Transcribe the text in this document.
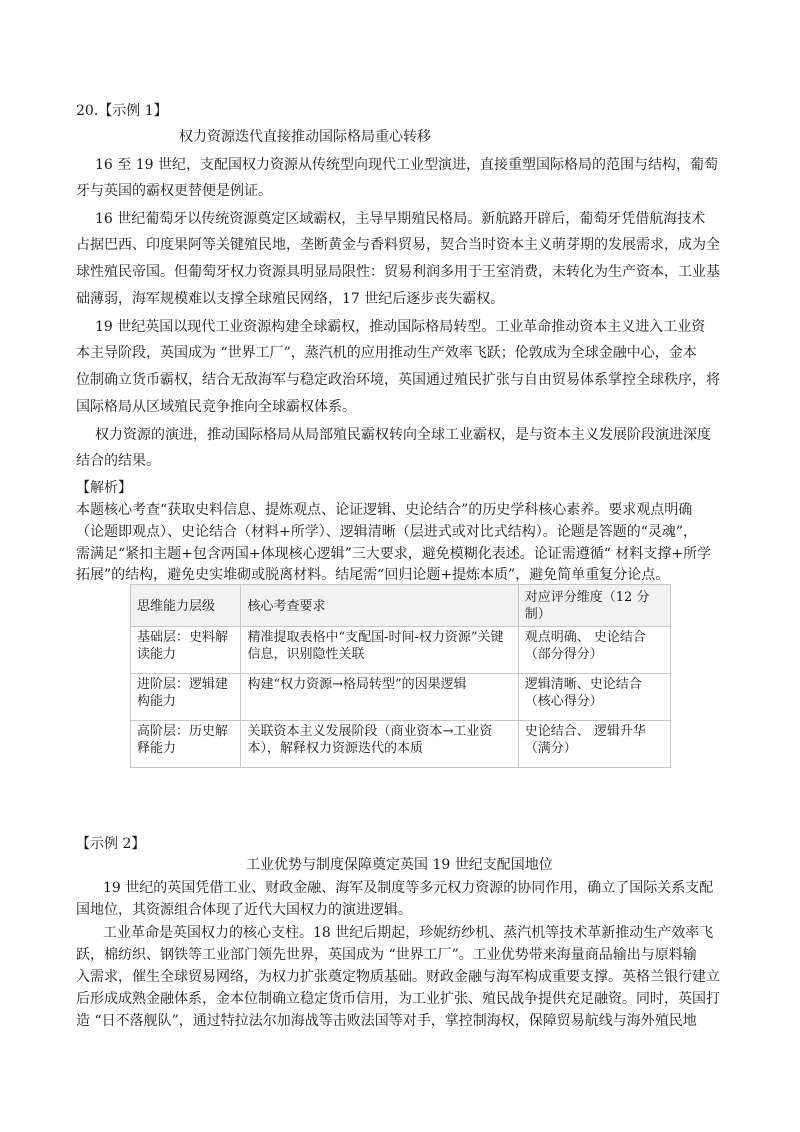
20.【示例 1】
权力资源迭代直接推动国际格局重心转移
16 至 19 世纪，支配国权力资源从传统型向现代工业型演进，直接重塑国际格局的范围与结构，葡萄
牙与英国的霸权更替便是例证。
16 世纪葡萄牙以传统资源奠定区域霸权，主导早期殖民格局。新航路开辟后，葡萄牙凭借航海技术
占据巴西、印度果阿等关键殖民地，垄断黄金与香料贸易，契合当时资本主义萌芽期的发展需求，成为全
球性殖民帝国。但葡萄牙权力资源具明显局限性：贸易利润多用于王室消费，未转化为生产资本，工业基
础薄弱，海军规模难以支撑全球殖民网络，17 世纪后逐步丧失霸权。
19 世纪英国以现代工业资源构建全球霸权，推动国际格局转型。工业革命推动资本主义进入工业资
本主导阶段，英国成为 “世界工厂”，蒸汽机的应用推动生产效率飞跃；伦敦成为全球金融中心，金本
位制确立货币霸权，结合无敌海军与稳定政治环境，英国通过殖民扩张与自由贸易体系掌控全球秩序，将
国际格局从区域殖民竞争推向全球霸权体系。
权力资源的演进，推动国际格局从局部殖民霸权转向全球工业霸权，是与资本主义发展阶段演进深度
结合的结果。
【解析】
本题核心考查“获取史料信息、提炼观点、论证逻辑、史论结合”的历史学科核心素养。要求观点明确
（论题即观点）、史论结合（材料+所学）、逻辑清晰（层进式或对比式结构）。论题是答题的“灵魂”，
需满足“紧扣主题+包含两国+体现核心逻辑”三大要求，避免模糊化表述。论证需遵循“ 材料支撑+所学
拓展”的结构，避免史实堆砌或脱离材料。结尾需“回归论题+提炼本质”，避免简单重复分论点。
思维能力层级	核心考查要求	对应评分维度（12 分制）
基础层：史料解读能力	精准提取表格中“支配国-时间-权力资源”关键信息，识别隐性关联	观点明确、 史论结合（部分得分）
进阶层：逻辑建构能力	构建“权力资源→格局转型”的因果逻辑	逻辑清晰、史论结合（核心得分）
高阶层：历史解释能力	关联资本主义发展阶段（商业资本→工业资本），解释权力资源迭代的本质	史论结合、 逻辑升华（满分）
【示例 2】
工业优势与制度保障奠定英国 19 世纪支配国地位
19 世纪的英国凭借工业、财政金融、海军及制度等多元权力资源的协同作用，确立了国际关系支配
国地位，其资源组合体现了近代大国权力的演进逻辑。
工业革命是英国权力的核心支柱。18 世纪后期起，珍妮纺纱机、蒸汽机等技术革新推动生产效率飞
跃，棉纺织、钢铁等工业部门领先世界，英国成为 “世界工厂”。工业优势带来海量商品输出与原料输
入需求，催生全球贸易网络，为权力扩张奠定物质基础。财政金融与海军构成重要支撑。英格兰银行建立
后形成成熟金融体系，金本位制确立稳定货币信用，为工业扩张、殖民战争提供充足融资。同时，英国打
造 “日不落舰队”，通过特拉法尔加海战等击败法国等对手，掌控制海权，保障贸易航线与海外殖民地
